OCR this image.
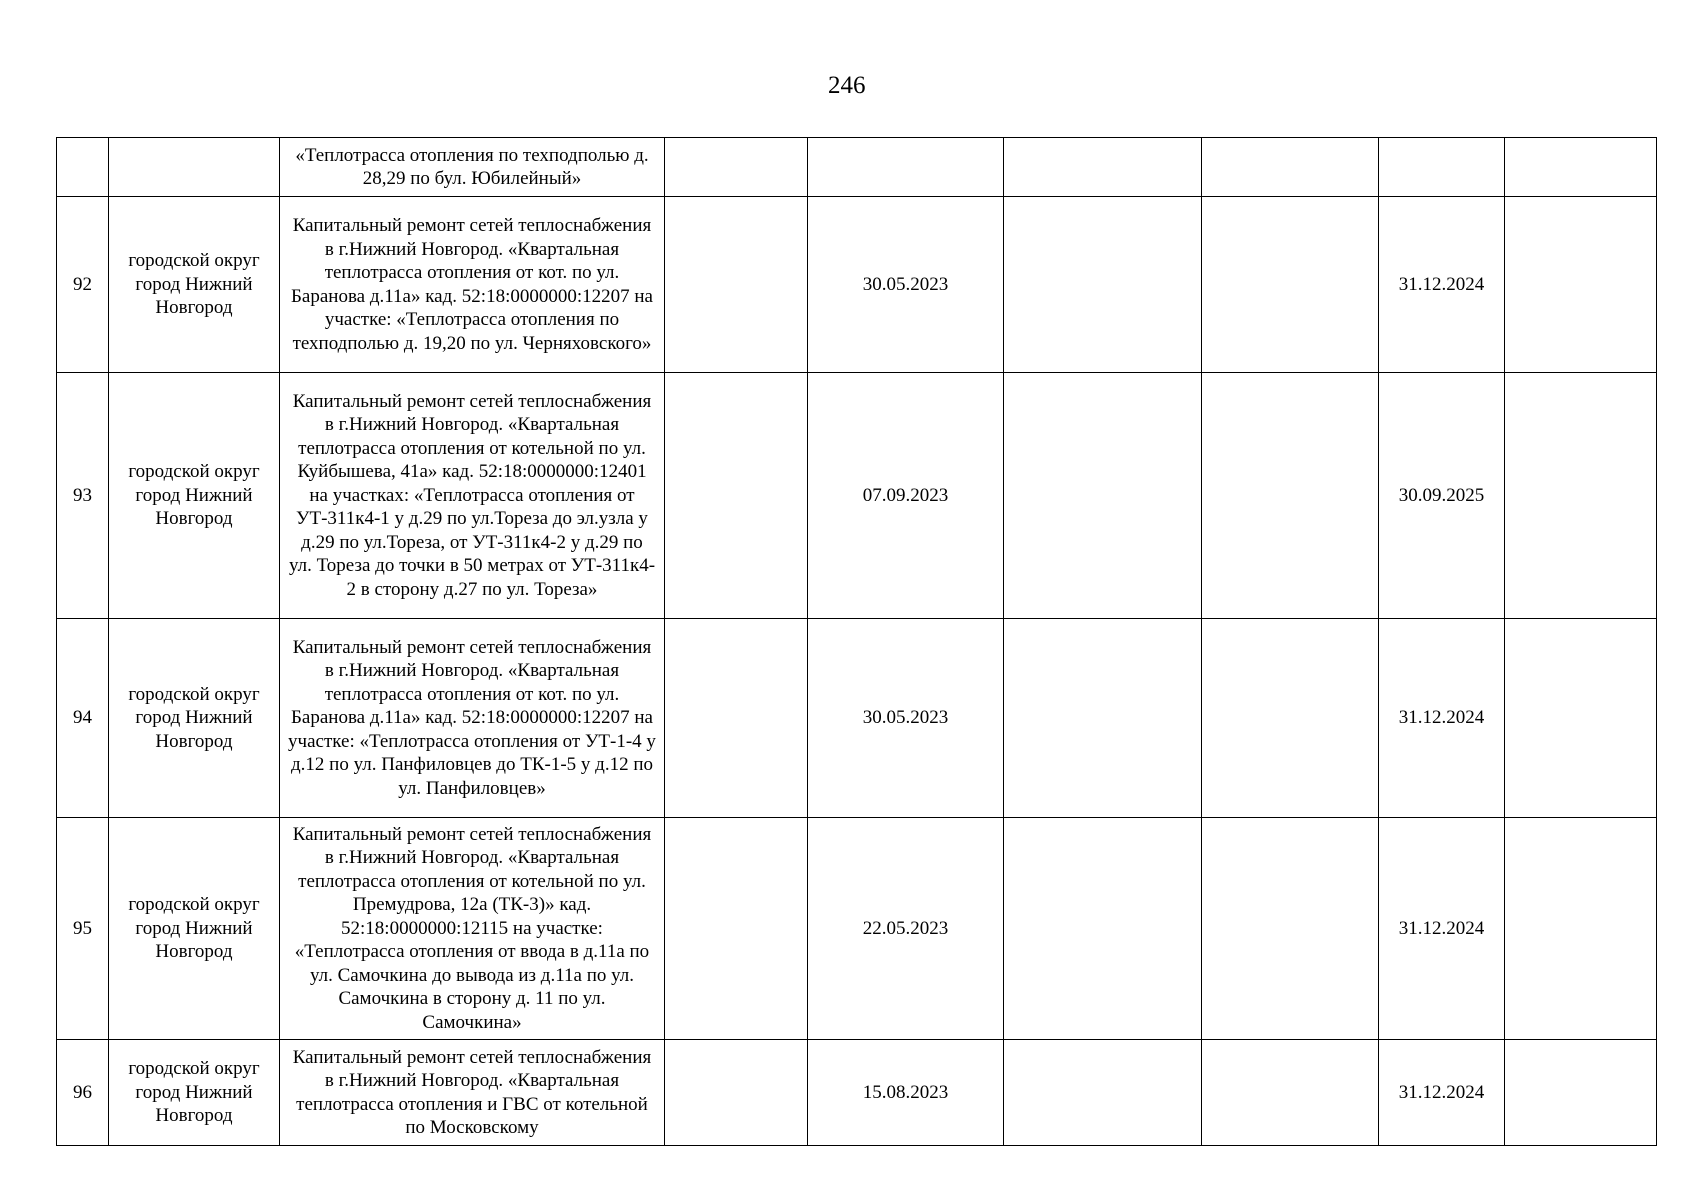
246
		«Теплотрасса отопления по техподполью д. 28,29 по бул. Юбилейный»						
92	городской округ город Нижний Новгород	Капитальный ремонт сетей теплоснабжения в г.Нижний Новгород. «Квартальная теплотрасса отопления от кот. по ул. Баранова д.11а» кад. 52:18:0000000:12207 на участке: «Теплотрасса отопления по техподполью д. 19,20 по ул. Черняховского»		30.05.2023			31.12.2024	
93	городской округ город Нижний Новгород	Капитальный ремонт сетей теплоснабжения в г.Нижний Новгород. «Квартальная теплотрасса отопления от котельной по ул. Куйбышева, 41а» кад. 52:18:0000000:12401 на участках: «Теплотрасса отопления от УТ-311к4-1 у д.29 по ул.Тореза до эл.узла у д.29 по ул.Тореза, от УТ-311к4-2 у д.29 по ул. Тореза до точки в 50 метрах от УТ-311к4-2 в сторону д.27 по ул. Тореза»		07.09.2023			30.09.2025	
94	городской округ город Нижний Новгород	Капитальный ремонт сетей теплоснабжения в г.Нижний Новгород. «Квартальная теплотрасса отопления от кот. по ул. Баранова д.11а» кад. 52:18:0000000:12207 на участке: «Теплотрасса отопления от УТ-1-4 у д.12 по ул. Панфиловцев до ТК-1-5 у д.12 по ул. Панфиловцев»		30.05.2023			31.12.2024	
95	городской округ город Нижний Новгород	Капитальный ремонт сетей теплоснабжения в г.Нижний Новгород. «Квартальная теплотрасса отопления от котельной по ул. Премудрова, 12а (ТК-3)» кад. 52:18:0000000:12115 на участке: «Теплотрасса отопления от ввода в д.11а по ул. Самочкина до вывода из д.11а по ул. Самочкина в сторону д. 11 по ул. Самочкина»		22.05.2023			31.12.2024	
96	городской округ город Нижний Новгород	Капитальный ремонт сетей теплоснабжения в г.Нижний Новгород. «Квартальная теплотрасса отопления и ГВС от котельной по Московскому		15.08.2023			31.12.2024	
